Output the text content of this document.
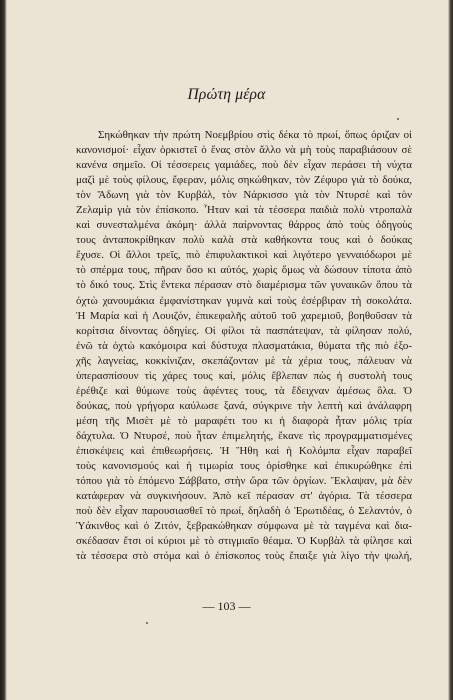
Πρώτη μέρα
Σηκώθηκαν τὴν πρώτη Νοεμβρίου στὶς δέκα τὸ πρωί, ὅπως όριζαν οἱ
κανονισμοί· εἶχαν ὁρκιστεῖ ὁ ἕνας στὸν ἄλλο νὰ μὴ τοὺς παραβιάσουν σὲ
κανένα σημεῖο. Οἱ τέσσερεις γαμιάδες, ποὺ δὲν εἶχαν περάσει τὴ νύχτα
μαζὶ μὲ τοὺς φίλους, ἔφεραν, μόλις σηκώθηκαν, τὸν Ζέφυρο γιὰ τὸ δούκα,
τὸν Ἄδωνη γιὰ τὸν Κυρβάλ, τὸν Νάρκισσο γιὰ τὸν Ντυρσὲ καὶ τὸν
Ζελαμὶρ γιὰ τὸν ἐπίσκοπο. Ἦταν καὶ τὰ τέσσερα παιδιὰ πολὺ ντροπαλὰ
καὶ συνεσταλμένα ἀκόμη· ἀλλὰ παίρνοντας θάρρος ἀπὸ τοὺς ὁδηγοὺς
τους ἀνταποκρίθηκαν πολὺ καλὰ στὰ καθήκοντα τους καὶ ὁ δούκας
ἔχυσε. Οἱ ἄλλοι τρεῖς, πιὸ ἐπιφυλακτικοὶ καὶ λιγότερο γενναιόδωροι μὲ
τὸ σπέρμα τους, πῆραν ὅσο κι αὐτός, χωρὶς ὅμως νὰ δώσουν τίποτα ἀπὸ
τὸ δικό τους. Στὶς ἕντεκα πέρασαν στὸ διαμέρισμα τῶν γυναικῶν ὅπου τὰ
ὀχτὼ χανουμάκια ἐμφανίστηκαν γυμνὰ καὶ τοὺς ἐσέρβιραν τὴ σοκολάτα.
Ἡ Μαρία καὶ ἡ Λουιζόν, ἐπικεφαλῆς αὐτοῦ τοῦ χαρεμιοῦ, βοηθοῦσαν τὰ
κορίτσια δίνοντας ὁδηγίες. Οἱ φίλοι τὰ πασπάτεψαν, τὰ φίλησαν πολύ,
ἐνῶ τὰ ὀχτὼ κακόμοιρα καὶ δύστυχα πλασματάκια, θύματα τῆς πιὸ ἐξο-
χῆς λαγνείας, κοκκίνιζαν, σκεπάζονταν μὲ τὰ χέρια τους, πάλευαν νὰ
ὑπερασπίσουν τὶς χάρες τους καί, μόλις ἔβλεπαν πὼς ἡ συστολὴ τους
ἐρέθιζε καὶ θύμωνε τοὺς ἀφέντες τους, τὰ ἔδειχναν ἀμέσως ὅλα. Ὁ
δούκας, ποὺ γρήγορα καύλωσε ξανά, σύγκρινε τὴν λεπτὴ καὶ ἀνάλαφρη
μέση τῆς Μισὲτ μὲ τὸ μαραφέτι του κι ἡ διαφορὰ ἦταν μόλις τρία
δάχτυλα. Ὁ Ντυρσέ, ποὺ ἦταν ἐπιμελητής, ἔκανε τὶς προγραμματισμένες
ἐπισκέψεις καὶ ἐπιθεωρήσεις. Ἡ Ἥθη καὶ ἡ Κολόμπα εἶχαν παραβεῖ
τοὺς κανονισμούς καὶ ἡ τιμωρία τους ὁρίσθηκε καὶ ἐπικυρώθηκε ἐπὶ
τόπου γιὰ τὸ ἑπόμενο Σάββατο, στὴν ὥρα τῶν ὀργίων. Ἔκλαψαν, μὰ δὲν
κατάφεραν νὰ συγκινήσουν. Ἀπὸ κεῖ πέρασαν στ' ἀγόρια. Τὰ τέσσερα
ποὺ δὲν εἶχαν παρουσιασθεῖ τὸ πρωί, δηλαδὴ ὁ Ἐρωτιδέας, ὁ Σελαντόν, ὁ
Ὑάκινθος καὶ ὁ Ζιτόν, ξεβρακώθηκαν σύμφωνα μὲ τὰ ταγμένα καὶ δια-
σκέδασαν ἔτσι οἱ κύριοι μὲ τὸ στιγμιαῖο θέαμα. Ὁ Κυρβὰλ τὰ φίλησε καὶ
τὰ τέσσερα στὸ στόμα καὶ ὁ ἐπίσκοπος τοὺς ἔπαιξε γιὰ λίγο τὴν ψωλή,
— 103 —
